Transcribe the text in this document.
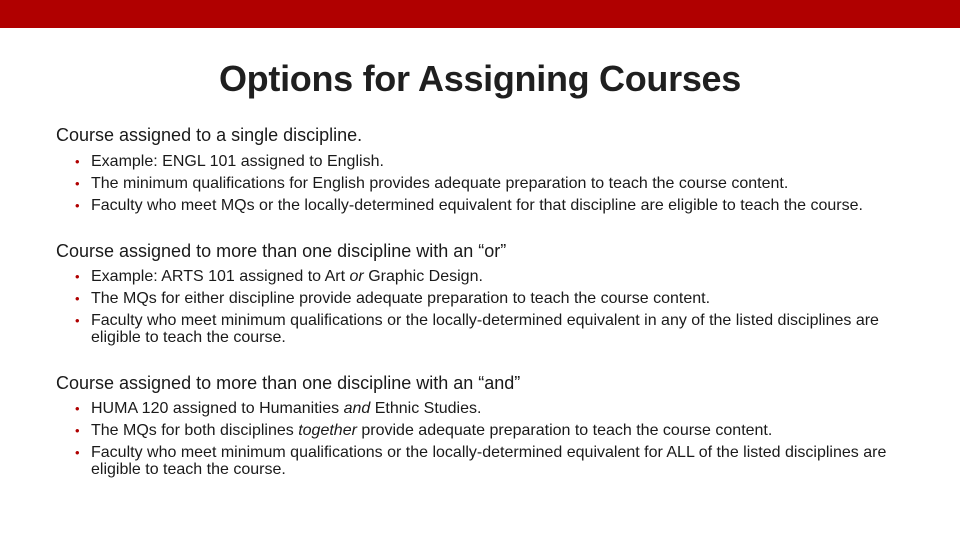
Options for Assigning Courses
Course assigned to a single discipline.
• Example: ENGL 101 assigned to English.
• The minimum qualifications for English provides adequate preparation to teach the course content.
• Faculty who meet MQs or the locally-determined equivalent for that discipline are eligible to teach the course.
Course assigned to more than one discipline with an “or”
• Example: ARTS 101 assigned to Art or Graphic Design.
• The MQs for either discipline provide adequate preparation to teach the course content.
• Faculty who meet minimum qualifications or the locally-determined equivalent in any of the listed disciplines are eligible to teach the course.
Course assigned to more than one discipline with an “and”
• HUMA 120 assigned to Humanities and Ethnic Studies.
• The MQs for both disciplines together provide adequate preparation to teach the course content.
• Faculty who meet minimum qualifications or the locally-determined equivalent for ALL of the listed disciplines are eligible to teach the course.
